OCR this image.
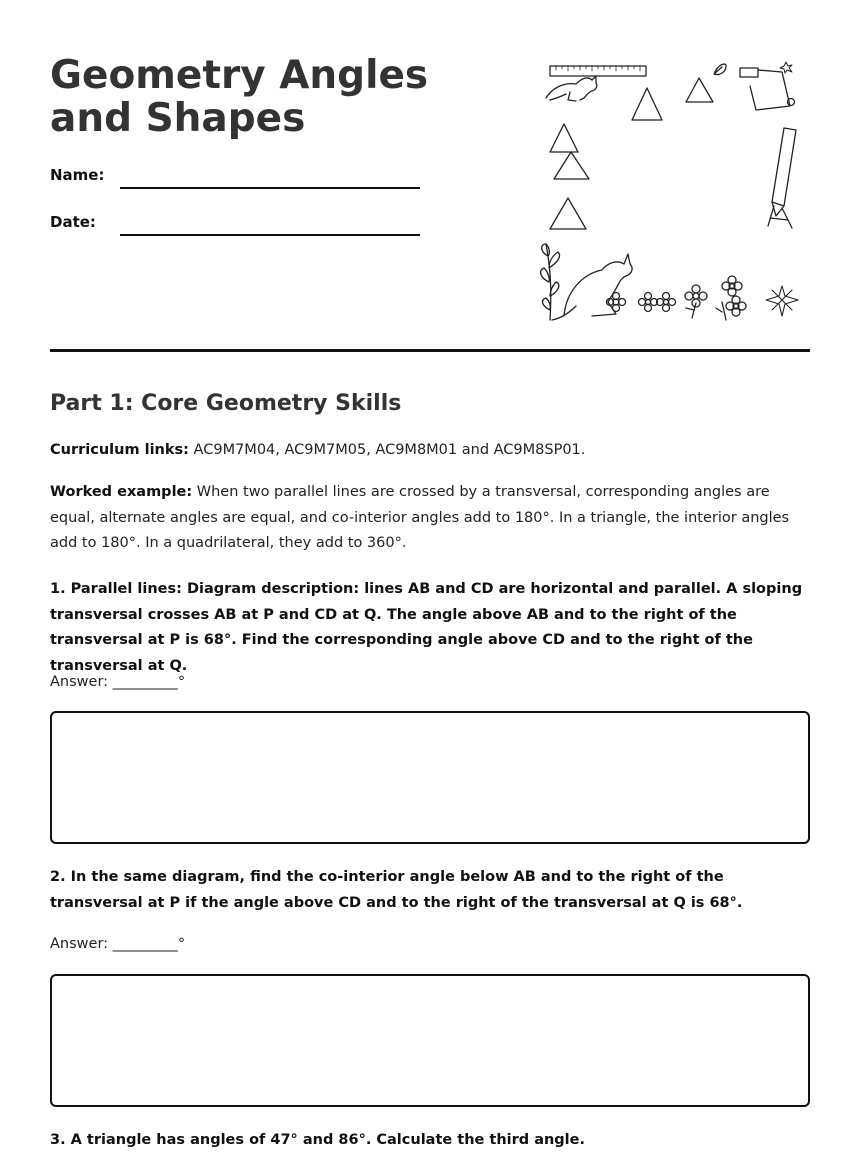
Geometry Angles and Shapes
Name:
Date:
Part 1: Core Geometry Skills

Curriculum links: AC9M7M04, AC9M7M05, AC9M8M01 and AC9M8SP01.

Worked example: When two parallel lines are crossed by a transversal, corresponding angles are equal, alternate angles are equal, and co-interior angles add to 180°. In a triangle, the interior angles add to 180°. In a quadrilateral, they add to 360°.

1. Parallel lines: Diagram description: lines AB and CD are horizontal and parallel. A sloping transversal crosses AB at P and CD at Q. The angle above AB and to the right of the transversal at P is 68°. Find the corresponding angle above CD and to the right of the transversal at Q.

Answer: _________°

2. In the same diagram, find the co-interior angle below AB and to the right of the transversal at P if the angle above CD and to the right of the transversal at Q is 68°.

Answer: _________°

3. A triangle has angles of 47° and 86°. Calculate the third angle.
